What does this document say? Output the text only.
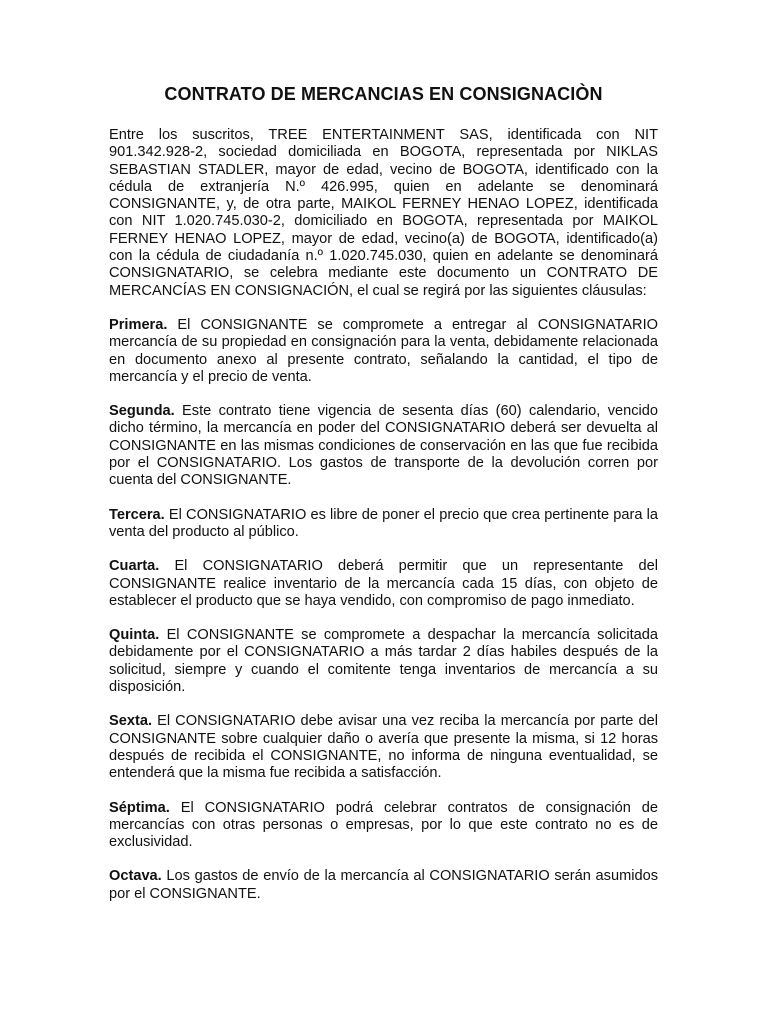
CONTRATO DE MERCANCIAS EN CONSIGNACIÒN

Entre los suscritos, TREE ENTERTAINMENT SAS, identificada con NIT 901.342.928-2, sociedad domiciliada en BOGOTA, representada por NIKLAS SEBASTIAN STADLER, mayor de edad, vecino de BOGOTA, identificado con la cédula de extranjería N.º 426.995, quien en adelante se denominará CONSIGNANTE, y, de otra parte, MAIKOL FERNEY HENAO LOPEZ, identificada con NIT 1.020.745.030-2, domiciliado en BOGOTA, representada por MAIKOL FERNEY HENAO LOPEZ, mayor de edad, vecino(a) de BOGOTA, identificado(a) con la cédula de ciudadanía n.º 1.020.745.030, quien en adelante se denominará CONSIGNATARIO, se celebra mediante este documento un CONTRATO DE MERCANCÍAS EN CONSIGNACIÓN, el cual se regirá por las siguientes cláusulas:

Primera. El CONSIGNANTE se compromete a entregar al CONSIGNATARIO mercancía de su propiedad en consignación para la venta, debidamente relacionada en documento anexo al presente contrato, señalando la cantidad, el tipo de mercancía y el precio de venta.

Segunda. Este contrato tiene vigencia de sesenta días (60) calendario, vencido dicho término, la mercancía en poder del CONSIGNATARIO deberá ser devuelta al CONSIGNANTE en las mismas condiciones de conservación en las que fue recibida por el CONSIGNATARIO. Los gastos de transporte de la devolución corren por cuenta del CONSIGNANTE.

Tercera. El CONSIGNATARIO es libre de poner el precio que crea pertinente para la venta del producto al público.

Cuarta. El CONSIGNATARIO deberá permitir que un representante del CONSIGNANTE realice inventario de la mercancía cada 15 días, con objeto de establecer el producto que se haya vendido, con compromiso de pago inmediato.

Quinta. El CONSIGNANTE se compromete a despachar la mercancía solicitada debidamente por el CONSIGNATARIO a más tardar 2 días habiles después de la solicitud, siempre y cuando el comitente tenga inventarios de mercancía a su disposición.

Sexta. El CONSIGNATARIO debe avisar una vez reciba la mercancía por parte del CONSIGNANTE sobre cualquier daño o avería que presente la misma, si 12 horas después de recibida el CONSIGNANTE, no informa de ninguna eventualidad, se entenderá que la misma fue recibida a satisfacción.

Séptima. El CONSIGNATARIO podrá celebrar contratos de consignación de mercancías con otras personas o empresas, por lo que este contrato no es de exclusividad.

Octava. Los gastos de envío de la mercancía al CONSIGNATARIO serán asumidos por el CONSIGNANTE.
